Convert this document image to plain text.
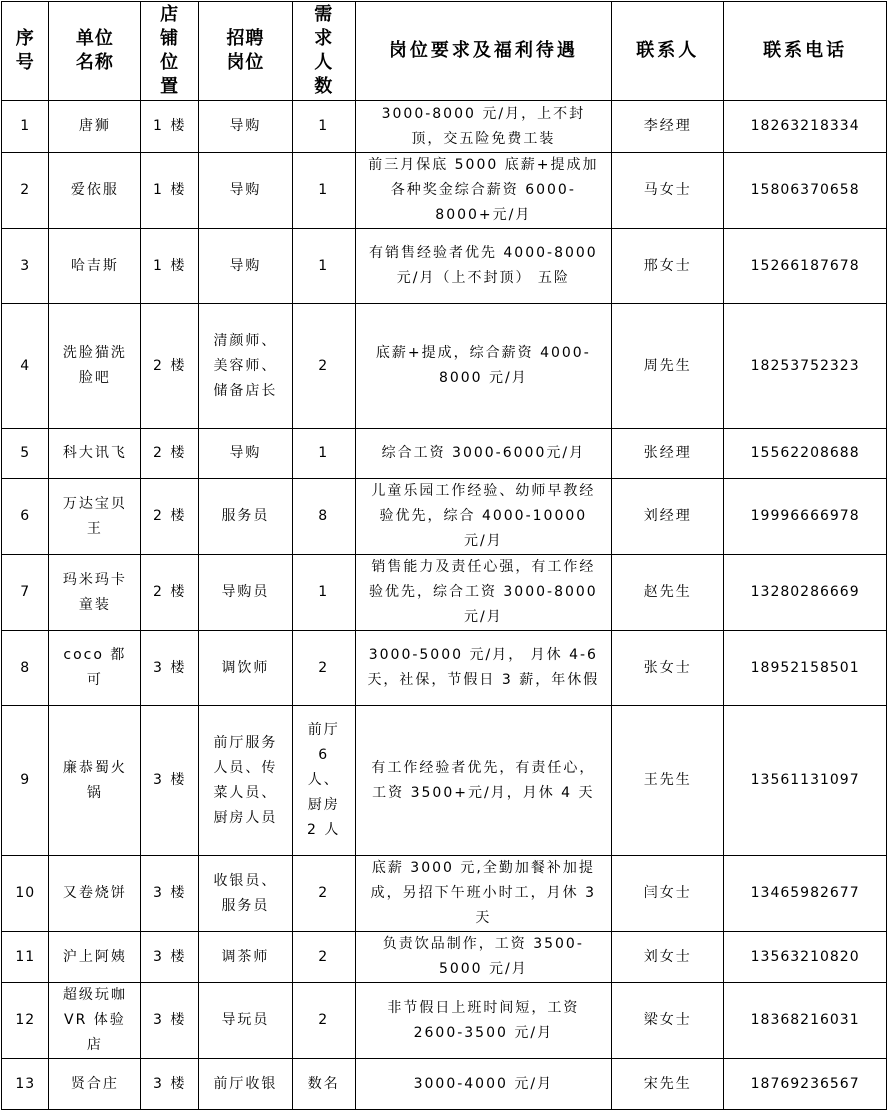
序号	单位名称	店铺位置	招聘岗位	需求人数	岗位要求及福利待遇	联系人	联系电话
1	唐狮	1 楼	导购	1	3000-8000 元/月，上不封顶，交五险免费工装	李经理	18263218334
2	爱依服	1 楼	导购	1	前三月保底 5000 底薪+提成加各种奖金综合薪资 6000-8000+元/月	马女士	15806370658
3	哈吉斯	1 楼	导购	1	有销售经验者优先 4000-8000 元/月（上不封顶） 五险	邢女士	15266187678
4	洗脸猫洗脸吧	2 楼	清颜师、美容师、储备店长	2	底薪+提成，综合薪资 4000-8000 元/月	周先生	18253752323
5	科大讯飞	2 楼	导购	1	综合工资 3000-6000元/月	张经理	15562208688
6	万达宝贝王	2 楼	服务员	8	儿童乐园工作经验、幼师早教经验优先，综合 4000-10000 元/月	刘经理	19996666978
7	玛米玛卡童装	2 楼	导购员	1	销售能力及责任心强，有工作经验优先，综合工资 3000-8000 元/月	赵先生	13280286669
8	coco 都可	3 楼	调饮师	2	3000-5000 元/月， 月休 4-6 天，社保，节假日 3 薪，年休假	张女士	18952158501
9	廉恭蜀火锅	3 楼	前厅服务人员、传菜人员、厨房人员	前厅 6 人、厨房 2 人	有工作经验者优先，有责任心，工资 3500+元/月，月休 4 天	王先生	13561131097
10	又卷烧饼	3 楼	收银员、服务员	2	底薪 3000 元,全勤加餐补加提成，另招下午班小时工，月休 3 天	闫女士	13465982677
11	沪上阿姨	3 楼	调茶师	2	负责饮品制作，工资 3500-5000 元/月	刘女士	13563210820
12	超级玩咖 VR 体验店	3 楼	导玩员	2	非节假日上班时间短，工资 2600-3500 元/月	梁女士	18368216031
13	贤合庄	3 楼	前厅收银	数名	3000-4000 元/月	宋先生	18769236567
